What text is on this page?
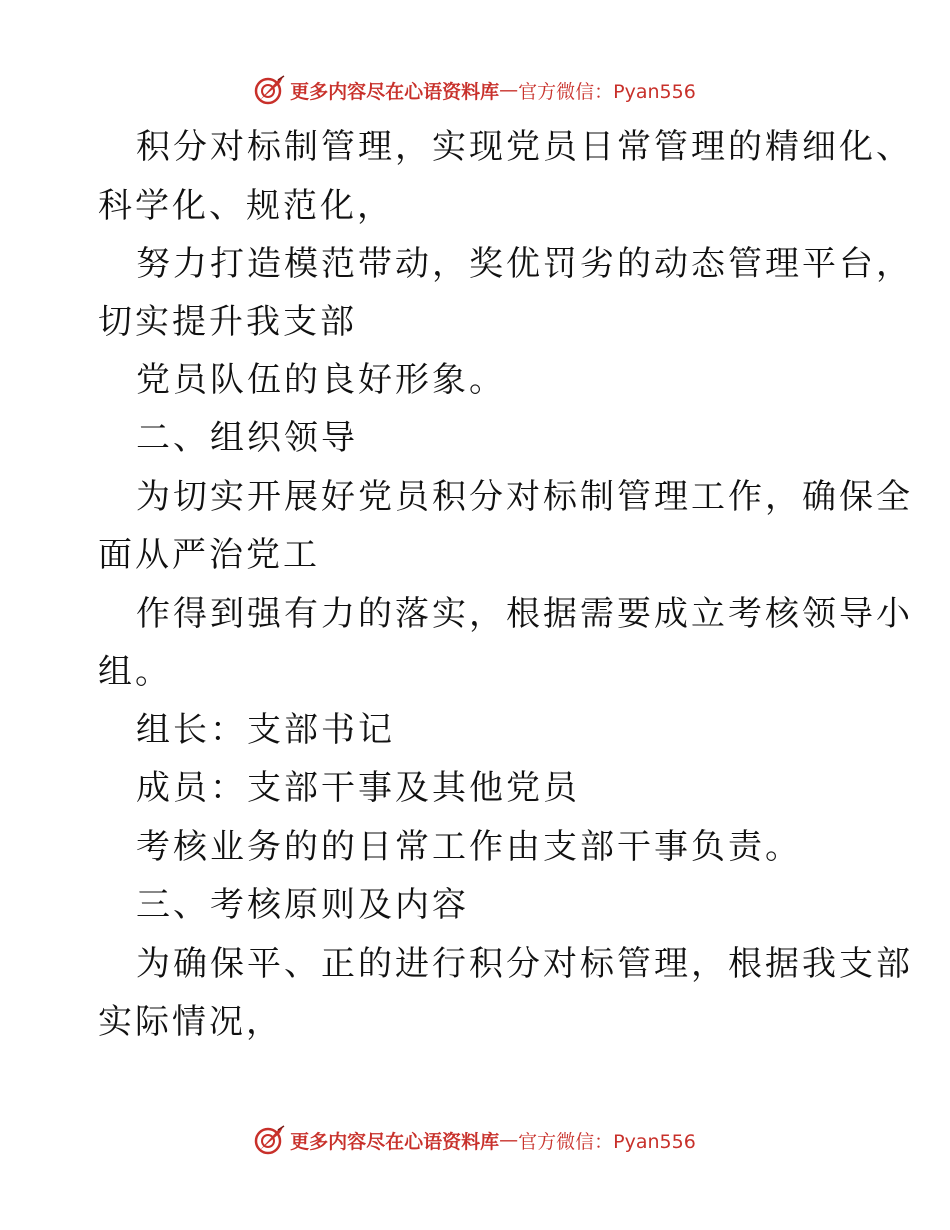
更多内容尽在心语资料库 — 官方微信：Pyan556
积分对标制管理，实现党员日常管理的精细化、
科学化、规范化，
努力打造模范带动，奖优罚劣的动态管理平台，
切实提升我支部
党员队伍的良好形象。
二、组织领导
为切实开展好党员积分对标制管理工作，确保全
面从严治党工
作得到强有力的落实，根据需要成立考核领导小
组。
组长：支部书记
成员：支部干事及其他党员
考核业务的的日常工作由支部干事负责。
三、考核原则及内容
为确保平、正的进行积分对标管理，根据我支部
实际情况，
更多内容尽在心语资料库 — 官方微信：Pyan556
